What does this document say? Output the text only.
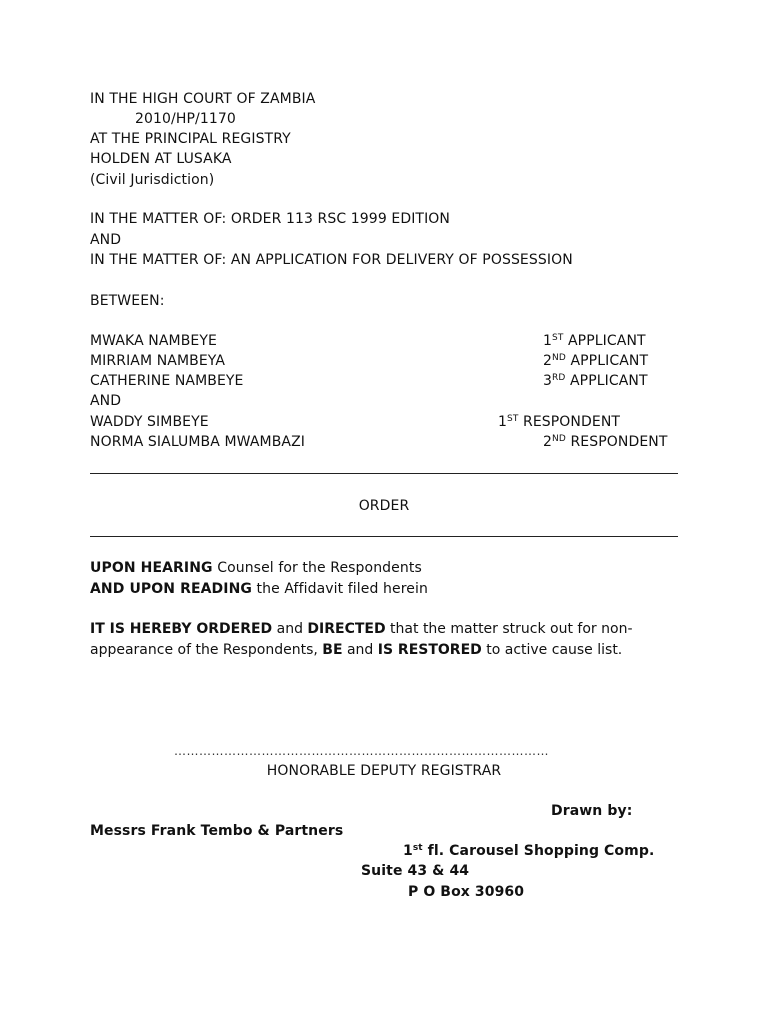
IN THE HIGH COURT OF ZAMBIA
2010/HP/1170
AT THE PRINCIPAL REGISTRY
HOLDEN AT LUSAKA
(Civil Jurisdiction)
IN THE MATTER OF: ORDER 113 RSC 1999 EDITION
AND
IN THE MATTER OF: AN APPLICATION FOR DELIVERY OF POSSESSION
BETWEEN:
MWAKA NAMBEYE	1ST APPLICANT
MIRRIAM NAMBEYA	2ND APPLICANT
CATHERINE NAMBEYE	3RD APPLICANT
AND
WADDY SIMBEYE	1ST RESPONDENT
NORMA SIALUMBA MWAMBAZI	2ND RESPONDENT
ORDER
UPON HEARING Counsel for the Respondents
AND UPON READING the Affidavit filed herein
IT IS HEREBY ORDERED and DIRECTED that the matter struck out for non-appearance of the Respondents, BE and IS RESTORED to active cause list.
………………………………………………………………………………
HONORABLE DEPUTY REGISTRAR
Drawn by:
Messrs Frank Tembo & Partners
1st fl. Carousel Shopping Comp.
Suite 43 & 44
P O Box 30960
